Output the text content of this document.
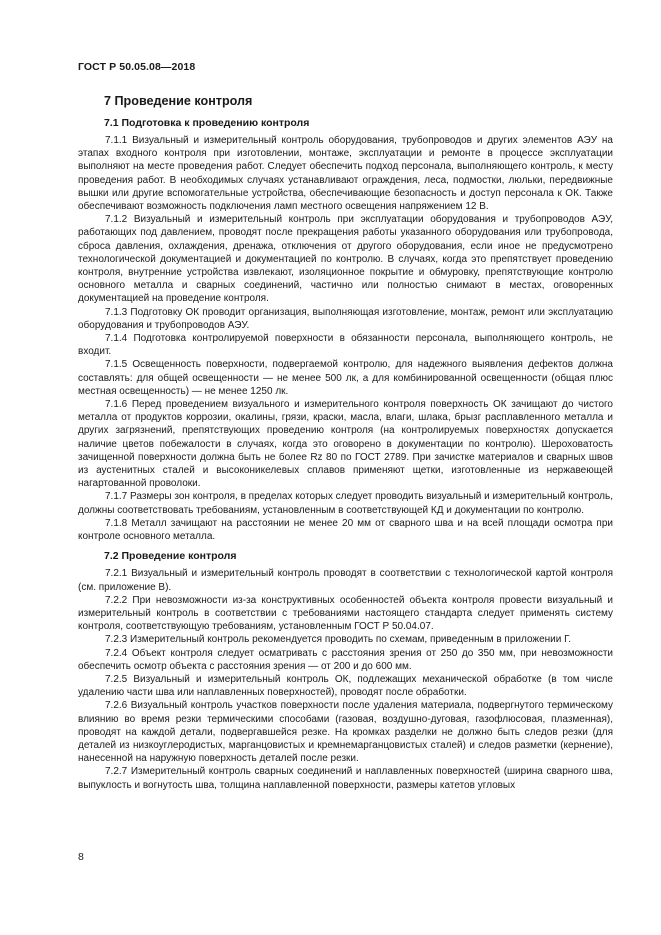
ГОСТ Р 50.05.08—2018
7 Проведение контроля
7.1 Подготовка к проведению контроля

7.1.1 Визуальный и измерительный контроль оборудования, трубопроводов и других элементов АЭУ на этапах входного контроля при изготовлении, монтаже, эксплуатации и ремонте в процессе эксплуатации выполняют на месте проведения работ. Следует обеспечить подход персонала, выполняющего контроль, к месту проведения работ. В необходимых случаях устанавливают ограждения, леса, подмостки, люльки, передвижные вышки или другие вспомогательные устройства, обеспечивающие безопасность и доступ персонала к ОК. Также обеспечивают возможность подключения ламп местного освещения напряжением 12 В.

7.1.2 Визуальный и измерительный контроль при эксплуатации оборудования и трубопроводов АЭУ, работающих под давлением, проводят после прекращения работы указанного оборудования или трубопровода, сброса давления, охлаждения, дренажа, отключения от другого оборудования, если иное не предусмотрено технологической документацией и документацией по контролю. В случаях, когда это препятствует проведению контроля, внутренние устройства извлекают, изоляционное покрытие и обмуровку, препятствующие контролю основного металла и сварных соединений, частично или полностью снимают в местах, оговоренных документацией на проведение контроля.

7.1.3 Подготовку ОК проводит организация, выполняющая изготовление, монтаж, ремонт или эксплуатацию оборудования и трубопроводов АЭУ.

7.1.4 Подготовка контролируемой поверхности в обязанности персонала, выполняющего контроль, не входит.

7.1.5 Освещенность поверхности, подвергаемой контролю, для надежного выявления дефектов должна составлять: для общей освещенности — не менее 500 лк, а для комбинированной освещенности (общая плюс местная освещенность) — не менее 1250 лк.

7.1.6 Перед проведением визуального и измерительного контроля поверхность ОК зачищают до чистого металла от продуктов коррозии, окалины, грязи, краски, масла, влаги, шлака, брызг расплавленного металла и других загрязнений, препятствующих проведению контроля (на контролируемых поверхностях допускается наличие цветов побежалости в случаях, когда это оговорено в документации по контролю). Шероховатость зачищенной поверхности должна быть не более Rz 80 по ГОСТ 2789. При зачистке материалов и сварных швов из аустенитных сталей и высоконикелевых сплавов применяют щетки, изготовленные из нержавеющей нагартованной проволоки.

7.1.7 Размеры зон контроля, в пределах которых следует проводить визуальный и измерительный контроль, должны соответствовать требованиям, установленным в соответствующей КД и документации по контролю.

7.1.8 Металл зачищают на расстоянии не менее 20 мм от сварного шва и на всей площади осмотра при контроле основного металла.

7.2 Проведение контроля

7.2.1 Визуальный и измерительный контроль проводят в соответствии с технологической картой контроля (см. приложение В).

7.2.2 При невозможности из-за конструктивных особенностей объекта контроля провести визуальный и измерительный контроль в соответствии с требованиями настоящего стандарта следует применять систему контроля, соответствующую требованиям, установленным ГОСТ Р 50.04.07.

7.2.3 Измерительный контроль рекомендуется проводить по схемам, приведенным в приложении Г.

7.2.4 Объект контроля следует осматривать с расстояния зрения от 250 до 350 мм, при невозможности обеспечить осмотр объекта с расстояния зрения — от 200 и до 600 мм.

7.2.5 Визуальный и измерительный контроль ОК, подлежащих механической обработке (в том числе удалению части шва или наплавленных поверхностей), проводят после обработки.

7.2.6 Визуальный контроль участков поверхности после удаления материала, подвергнутого термическому влиянию во время резки термическими способами (газовая, воздушно-дуговая, газофлюсовая, плазменная), проводят на каждой детали, подвергавшейся резке. На кромках разделки не должно быть следов резки (для деталей из низкоуглеродистых, марганцовистых и кремнемарганцовистых сталей) и следов разметки (кернение), нанесенной на наружную поверхность деталей после резки.

7.2.7 Измерительный контроль сварных соединений и наплавленных поверхностей (ширина сварного шва, выпуклость и вогнутость шва, толщина наплавленной поверхности, размеры катетов угловых

8
